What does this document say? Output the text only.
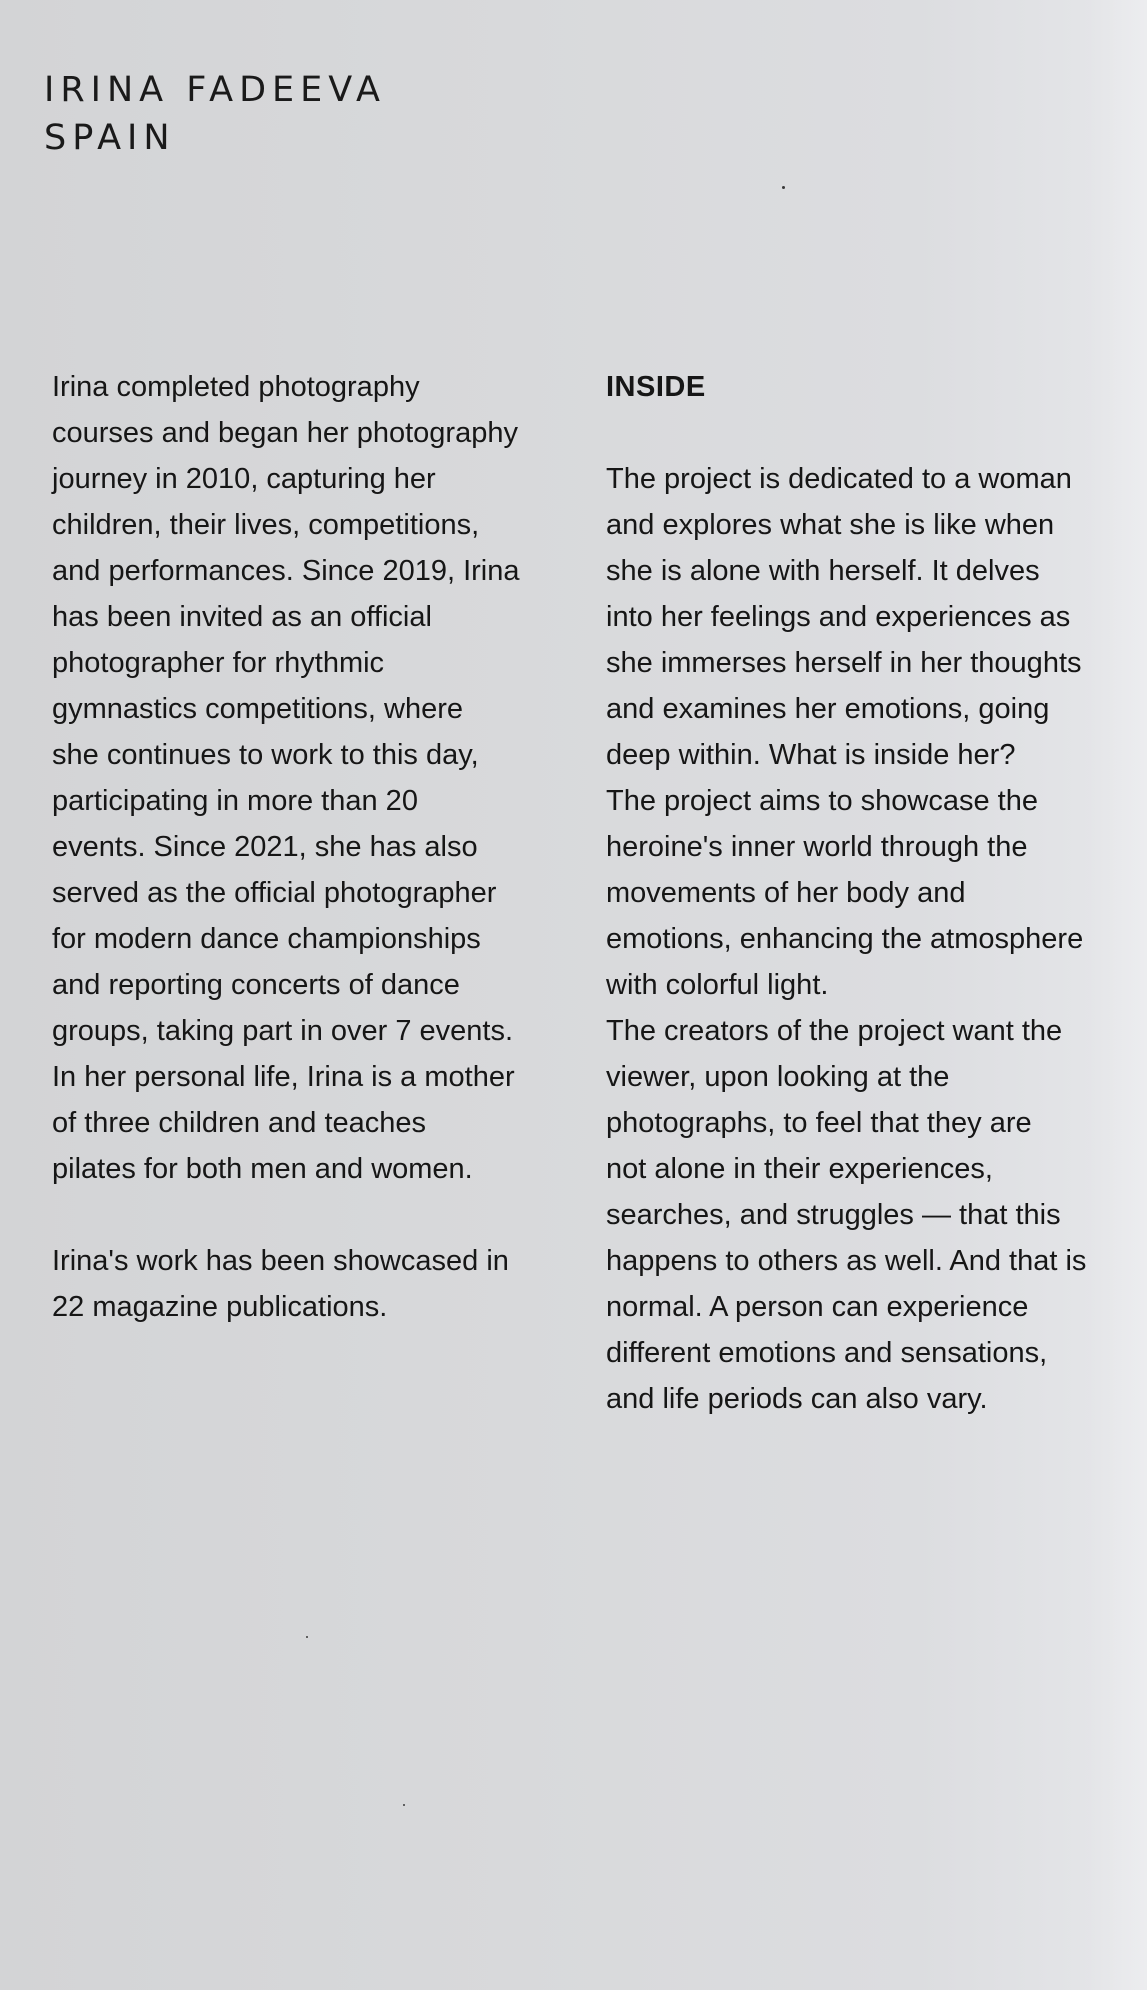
IRINA FADEEVA
SPAIN

Irina completed photography
courses and began her photography
journey in 2010, capturing her
children, their lives, competitions,
and performances. Since 2019, Irina
has been invited as an official
photographer for rhythmic
gymnastics competitions, where
she continues to work to this day,
participating in more than 20
events. Since 2021, she has also
served as the official photographer
for modern dance championships
and reporting concerts of dance
groups, taking part in over 7 events.
In her personal life, Irina is a mother
of three children and teaches
pilates for both men and women.

Irina's work has been showcased in
22 magazine publications.

INSIDE

The project is dedicated to a woman
and explores what she is like when
she is alone with herself. It delves
into her feelings and experiences as
she immerses herself in her thoughts
and examines her emotions, going
deep within. What is inside her?

The project aims to showcase the
heroine's inner world through the
movements of her body and
emotions, enhancing the atmosphere
with colorful light.

The creators of the project want the
viewer, upon looking at the
photographs, to feel that they are
not alone in their experiences,
searches, and struggles — that this
happens to others as well. And that is
normal. A person can experience
different emotions and sensations,
and life periods can also vary.
